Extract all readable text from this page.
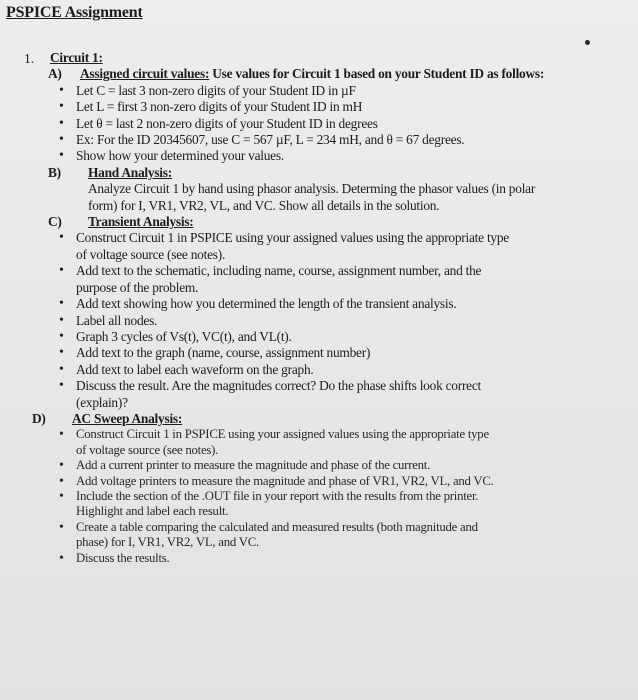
PSPICE Assignment
1. Circuit 1:
A) Assigned circuit values: Use values for Circuit 1 based on your Student ID as follows:
• Let C = last 3 non-zero digits of your Student ID in µF
• Let L = first 3 non-zero digits of your Student ID in mH
• Let θ = last 2 non-zero digits of your Student ID in degrees
• Ex: For the ID 20345607, use C = 567 µF, L = 234 mH, and θ = 67 degrees.
• Show how your determined your values.
B) Hand Analysis:
Analyze Circuit 1 by hand using phasor analysis. Determing the phasor values (in polar
form) for I, VR1, VR2, VL, and VC. Show all details in the solution.
C) Transient Analysis:
• Construct Circuit 1 in PSPICE using your assigned values using the appropriate type
of voltage source (see notes).
• Add text to the schematic, including name, course, assignment number, and the
purpose of the problem.
• Add text showing how you determined the length of the transient analysis.
• Label all nodes.
• Graph 3 cycles of Vs(t), VC(t), and VL(t).
• Add text to the graph (name, course, assignment number)
• Add text to label each waveform on the graph.
• Discuss the result. Are the magnitudes correct? Do the phase shifts look correct
(explain)?
D) AC Sweep Analysis:
• Construct Circuit 1 in PSPICE using your assigned values using the appropriate type
of voltage source (see notes).
• Add a current printer to measure the magnitude and phase of the current.
• Add voltage printers to measure the magnitude and phase of VR1, VR2, VL, and VC.
• Include the section of the .OUT file in your report with the results from the printer.
Highlight and label each result.
• Create a table comparing the calculated and measured results (both magnitude and
phase) for I, VR1, VR2, VL, and VC.
• Discuss the results.
